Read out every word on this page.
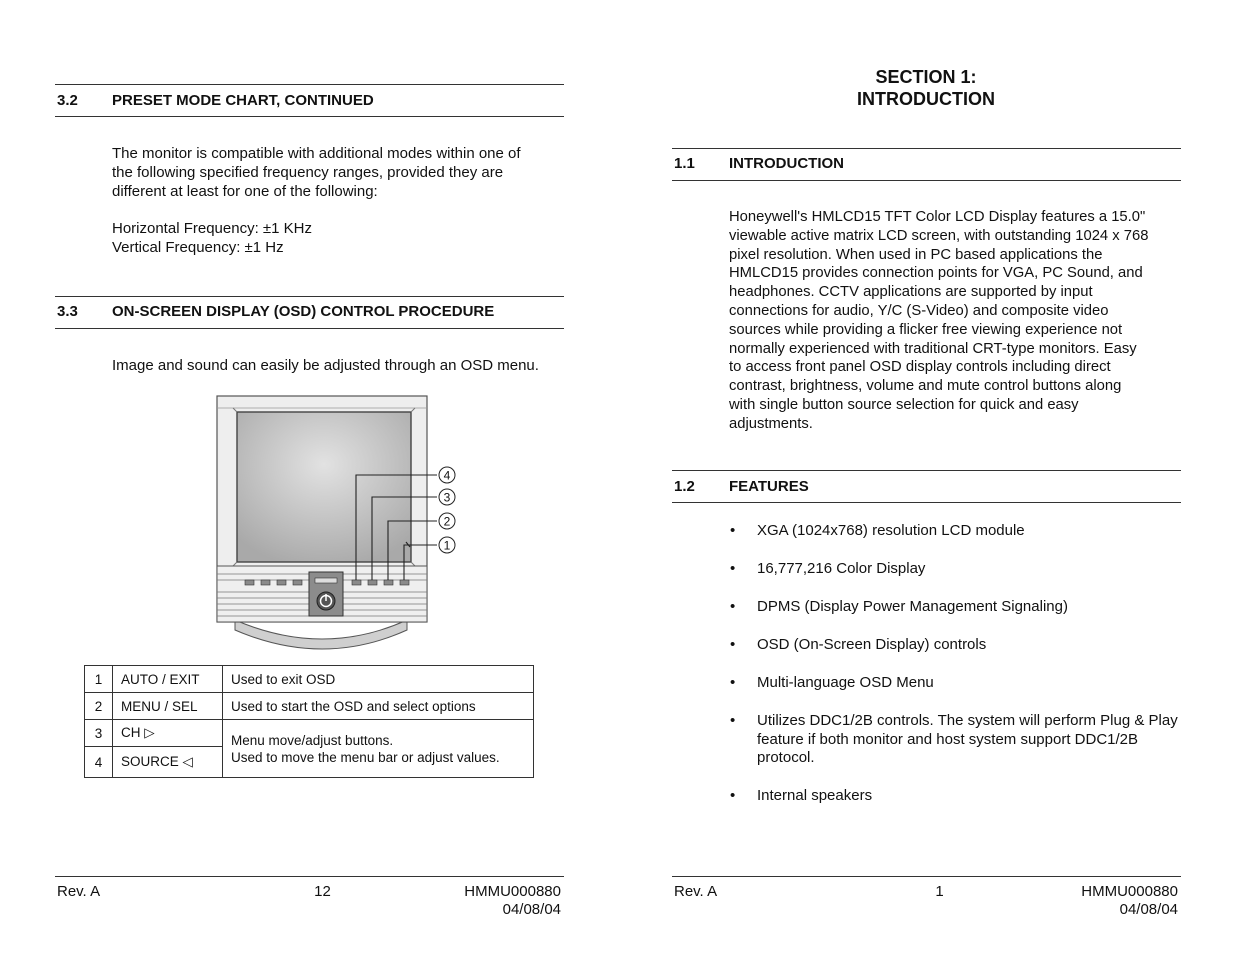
3.2 PRESET MODE CHART, CONTINUED

The monitor is compatible with additional modes within one of

the following specified frequency ranges, provided they are

different at least for one of the following:

Horizontal Frequency: ±1 KHz

Vertical Frequency: ±1 Hz

3.3 ON-SCREEN DISPLAY (OSD) CONTROL PROCEDURE
Image and sound can easily be adjusted through an OSD menu.
4
3
2
1
1	AUTO / EXIT	Used to exit OSD
2	MENU / SEL	Used to start the OSD and select options
3	CH ▷	Menu move/adjust buttons.
Used to move the menu bar or adjust values.

4	SOURCE ◁	
Rev. A	12	HMMU000880
04/08/04
SECTION 1:
INTRODUCTION
1.1 INTRODUCTION

Honeywell's HMLCD15 TFT Color LCD Display features a 15.0"

viewable active matrix LCD screen, with outstanding 1024 x 768

pixel resolution. When used in PC based applications the

HMLCD15 provides connection points for VGA, PC Sound, and

headphones. CCTV applications are supported by input

connections for audio, Y/C (S-Video) and composite video

sources while providing a flicker free viewing experience not

normally experienced with traditional CRT-type monitors. Easy

to access front panel OSD display controls including direct

contrast, brightness, volume and mute control buttons along

with single button source selection for quick and easy

adjustments.

1.2 FEATURES
• XGA (1024x768) resolution LCD module
• 16,777,216 Color Display
• DPMS (Display Power Management Signaling)
• OSD (On-Screen Display) controls
• Multi-language OSD Menu
• Utilizes DDC1/2B controls. The system will perform Plug & Play feature if both monitor and host system support DDC1/2B protocol.
• Internal speakers
Rev. A	1	HMMU000880
04/08/04
